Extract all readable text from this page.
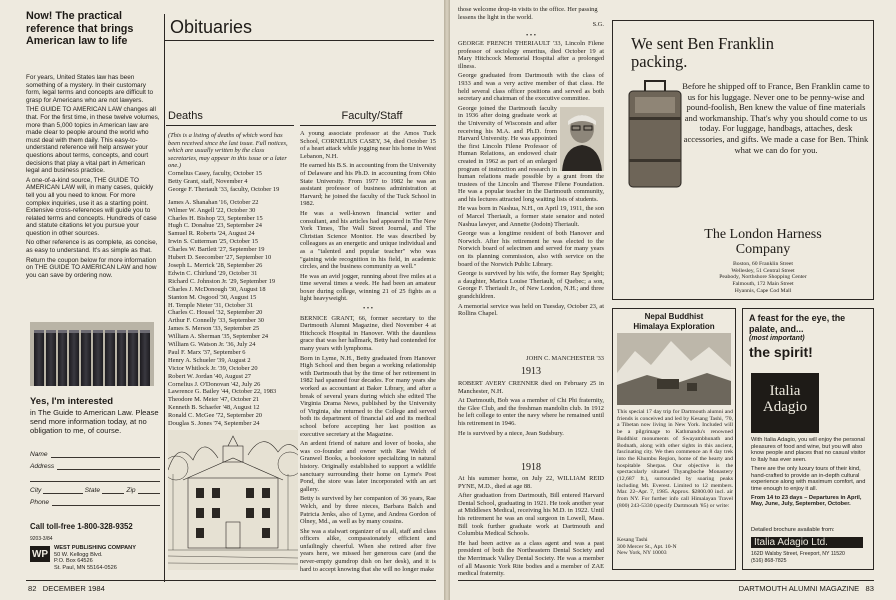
Now! The practical reference that brings American law to life

For years, United States law has been something of a mystery. In their customary form, legal terms and concepts are difficult to grasp for Americans who are not lawyers.

THE GUIDE TO AMERICAN LAW changes all that. For the first time, in these twelve volumes, more than 5,000 topics in American law are made clear to people around the world who must deal with them daily. This easy-to-understand reference will help answer your questions about terms, concepts, and court decisions that play a vital part in American legal and business practice.

A one-of-a-kind source, THE GUIDE TO AMERICAN LAW will, in many cases, quickly tell you all you need to know. For more complex inquiries, use it as a starting point. Extensive cross-references will guide you to related terms and concepts. Hundreds of case and statute citations let you pursue your question in other sources.

No other reference is as complete, as concise, as easy to understand. It's as simple as that.

Return the coupon below for more information on THE GUIDE TO AMERICAN LAW and how you can save by ordering now.

Yes, I'm interested
in The Guide to American Law. Please send more information today, at no obligation to me, of course.
Name
Address
City	State	Zip
Phone
Call toll-free 1-800-328-9352
9203-3/84
WP
WEST PUBLISHING COMPANY
50 W. Kellogg Blvd.
P.O. Box 64526
St. Paul, MN 55164-0526
Obituaries
Deaths
(This is a listing of deaths of which word has been received since the last issue. Full notices, which are usually written by the class secretaries, may appear in this issue or a later one.)
Cornelius Casey, faculty, October 15
Betty Grant, staff, November 4
George F. Theriault '33, faculty, October 19
James A. Shanahan '16, October 22
Wilmer W. Angell '22, October 30
Charles H. Bishop '23, September 15
Hugh C. Donahue '23, September 24
Samuel R. Roberts '24, August 24
Irwin S. Cutterman '25, October 15
Charles W. Bartlett '27, September 19
Hubert D. Seecomber '27, September 10
Joseph L. Merrick '28, September 26
Edwin C. Chirlund '29, October 31
Richard C. Johnston Jr. '29, September 19
Charles J. McDonough '30, August 18
Stanton M. Osgood '30, August 15
H. Temple Nieter '31, October 31
Charles C. Housel '32, September 20
Arthur F. Connelly '33, September 30
James S. Merson '33, September 25
William A. Sherman '35, September 24
William G. Watson Jr. '36, July 24
Paul F. Marx '37, September 6
Henry A. Schueler '39, August 2
Victor Whitlock Jr. '39, October 20
Robert W. Jordan '40, August 27
Cornelius J. O'Donovan '42, July 26
Lawrence G. Bailey '44, October 22, 1983
Theodore M. Meier '47, October 21
Kenneth B. Schaefer '48, August 12
Ronald C. McGee '72, September 20
Douglas S. Jones '74, September 24
Faculty/Staff

A young associate professor at the Amos Tuck School, CORNELIUS CASEY, 34, died October 15 of a heart attack while jogging near his home in West Lebanon, N.H.

He earned his B.S. in accounting from the University of Delaware and his Ph.D. in accounting from Ohio State University. From 1977 to 1982 he was an assistant professor of business administration at Harvard; he joined the faculty of the Tuck School in 1982.

He was a well-known financial writer and consultant, and his articles had appeared in The New York Times, The Wall Street Journal, and The Christian Science Monitor. He was described by colleagues as an energetic and unique individual and as a "talented and popular teacher" who was "gaining wide recognition in his field, in academic circles, and the business community as well."

He was an avid jogger, running about five miles at a time several times a week. He had been an amateur boxer during college, winning 21 of 25 fights as a light heavyweight.

• • •

BERNICE GRANT, 66, former secretary to the Dartmouth Alumni Magazine, died November 4 at Hitchcock Hospital in Hanover. With the dauntless grace that was her hallmark, Betty had contended for many years with lymphoma.

Born in Lyme, N.H., Betty graduated from Hanover High School and then began a working relationship with Dartmouth that by the time of her retirement in 1982 had spanned four decades. For many years she worked as accountant at Baker Library, and after a break of several years during which she edited The Virginia Drama News, published by the University of Virginia, she returned to the College and served both its department of financial aid and its medical school before accepting her last position as executive secretary at the Magazine.

An ardent friend of nature and lover of books, she was co-founder and owner with Rae Welch of Granwel Books, a bookstore specializing in natural history. Originally established to support a wildlife sanctuary surrounding their home on Lyme's Post Pond, the store was later incorporated with an art gallery.

Betty is survived by her companion of 36 years, Rae Welch, and by three nieces, Barbara Balch and Patricia Jenks, also of Lyme, and Andrea Gordon of Olney, Md., as well as by many cousins.

She was a stalwart organizer of us all, staff and class officers alike, compassionately efficient and unfailingly cheerful. When she retired after five years here, we missed her generous care (and the never-empty gumdrop dish on her desk), and it is hard to accept knowing that she will no longer make

82 DECEMBER 1984
those welcome drop-in visits to the office. Her passing lessens the light in the world.
S.G.
• • •

GEORGE FRENCH THERIAULT '33, Lincoln Filene professor of sociology emeritus, died October 19 at Mary Hitchcock Memorial Hospital after a prolonged illness.

George graduated from Dartmouth with the class of 1933 and was a very active member of that class. He held several class officer positions and served as both secretary and chairman of the executive committee.

George joined the Dartmouth faculty in 1936 after doing graduate work at the University of Wisconsin and after receiving his M.A. and Ph.D. from Harvard University. He was appointed the first Lincoln Filene Professor of Human Relations, an endowed chair created in 1962 as part of an enlarged program of instruction and research in human relations made possible by a grant from the trustees of the Lincoln and Therese Filene Foundation. He was a popular teacher in the Dartmouth community, and his lectures attracted long waiting lists of students.

He was born in Nashua, N.H., on April 19, 1911, the son of Marcel Theriault, a former state senator and noted Nashua lawyer, and Annette (Jodoin) Theriault.

George was a longtime resident of both Hanover and Norwich. After his retirement he was elected to the Norwich board of selectmen and served for many years on its planning commission, also with service on the board of the Norwich Public Library.

George is survived by his wife, the former Ray Speight; a daughter, Marica Louise Theriault, of Quebec; a son, George F. Theriault Jr., of New London, N.H.; and three grandchildren.

A memorial service was held on Tuesday, October 23, at Rollins Chapel.

JOHN C. MANCHESTER '33
1913

ROBERT AVERY CRENNER died on February 25 in Manchester, N.H.

At Dartmouth, Bob was a member of Chi Phi fraternity, the Glee Club, and the freshman mandolin club. In 1912 he left college to enter the navy where he remained until his retirement in 1946.

He is survived by a niece, Jean Sudsbury.

1918

At his summer home, on July 22, WILLIAM REID PYNE, M.D., died at age 88.

After graduation from Dartmouth, Bill entered Harvard Dental School, graduating in 1921. He took another year at Middlesex Medical, receiving his M.D. in 1922. Until his retirement he was an oral surgeon in Lowell, Mass. Bill took further graduate work at Dartmouth and Columbia Medical Schools.

He had been active as a class agent and was a past president of both the Northeastern Dental Society and the Merrimack Valley Dental Society. He was a member of all Masonic York Rite bodies and a member of ZAE medical fraternity.

We sent Ben Franklin
packing.
Before he shipped off to France, Ben Franklin came to us for his luggage. Never one to be penny-wise and pound-foolish, Ben knew the value of fine materials and workmanship. That's why you should come to us today. For luggage, handbags, attaches, desk accessories, and gifts. We made a case for Ben. Think what we can do for you.
The London Harness
Company
Boston, 60 Franklin Street
Wellesley, 51 Central Street
Peabody, Northshore Shopping Center
Falmouth, 172 Main Street
Hyannis, Cape Cod Mall
Nepal Buddhist
Himalaya Exploration
This special 17 day trip for Dartmouth alumni and friends is conceived and led by Kesang Tashi, '70, a Tibetan now living in New York. Included will be a pilgrimage to Kathmandu's renowned Buddhist monuments of Swayambhunath and Bodnath, along with other sights in this ancient, fascinating city. We then commence an 8 day trek into the Khumbu Region, home of the hearty and hospitable Sherpas. Our objective is the spectacularly situated Thyangboche Monastery (12,687 ft.), surrounded by soaring peaks including Mt. Everest. Limited to 12 members. Mar. 22–Apr. 7, 1985. Approx. $2800.00 incl. air from NY. For further info call Himalayan Travel (800) 243-5330 (specify Dartmouth '85) or write:
Kesang Tashi
300 Mercer St., Apt. 10-N
New York, NY 10003
A feast for the eye, the palate, and...
(most important)
the spirit!
Italia
Adagio

With Italia Adagio, you will enjoy the personal pleasures of food and wine, but you will also know people and places that no casual visitor to Italy has ever seen.

There are the only luxury tours of their kind, hand-crafted to provide an in-depth cultural experience along with maximum comfort, and time enough to enjoy it all.

From 14 to 23 days – Departures in April, May, June, July, September, October.

Detailed brochure available from:
Italia Adagio Ltd.
162D Walsby Street, Freeport, NY 11520
(516) 868-7825
DARTMOUTH ALUMNI MAGAZINE 83
